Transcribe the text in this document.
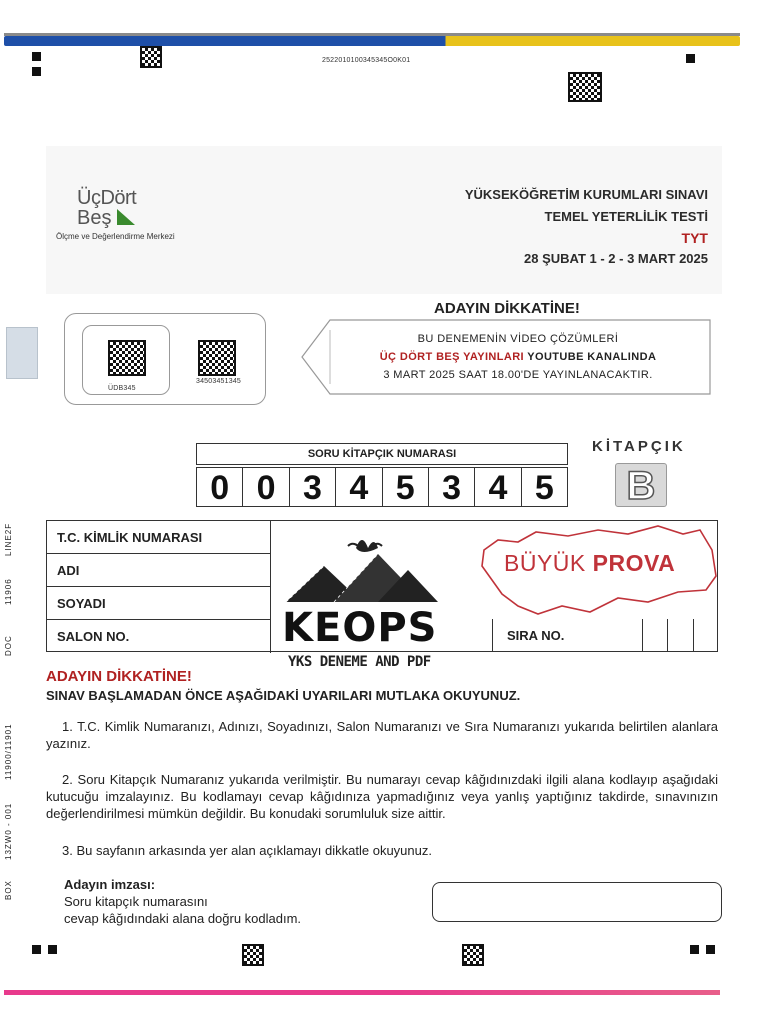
2522010100345345O0K01
ÜçDört
Beş
Ölçme ve Değerlendirme Merkezi
YÜKSEKÖĞRETİM KURUMLARI SINAVI
TEMEL YETERLİLİK TESTİ
TYT
28 ŞUBAT 1 - 2 - 3 MART 2025
ÜDB345
34503451345
ADAYIN DİKKATİNE!
BU DENEMENİN VİDEO ÇÖZÜMLERİ
ÜÇ DÖRT BEŞ YAYINLARI YOUTUBE KANALINDA
3 MART 2025 SAAT 18.00'DE YAYINLANACAKTIR.
KİTAPÇIK
B
SORU KİTAPÇIK NUMARASI
0 0 3 4 5 3 4 5
T.C. KİMLİK NUMARASI
ADI
SOYADI
SALON NO.	SIRA NO.
KEOPS
YKS DENEME AND PDF
BÜYÜK PROVA
ADAYIN DİKKATİNE!
SINAV BAŞLAMADAN ÖNCE AŞAĞIDAKİ UYARILARI MUTLAKA OKUYUNUZ.
1. T.C. Kimlik Numaranızı, Adınızı, Soyadınızı, Salon Numaranızı ve Sıra Numaranızı yukarıda belirtilen alanlara yazınız.
2. Soru Kitapçık Numaranız yukarıda verilmiştir. Bu numarayı cevap kâğıdınızdaki ilgili alana kodlayıp aşağıdaki kutucuğu imzalayınız. Bu kodlamayı cevap kâğıdınıza yapmadığınız veya yanlış yaptığınız takdirde, sınavınızın değerlendirilmesi mümkün değildir. Bu konudaki sorumluluk size aittir.
3. Bu sayfanın arkasında yer alan açıklamayı dikkatle okuyunuz.
Adayın imzası:
Soru kitapçık numarasını
cevap kâğıdındaki alana doğru kodladım.
BOX
13ZW0 - 001
11900/11901
DOC
11906
LINE2F
